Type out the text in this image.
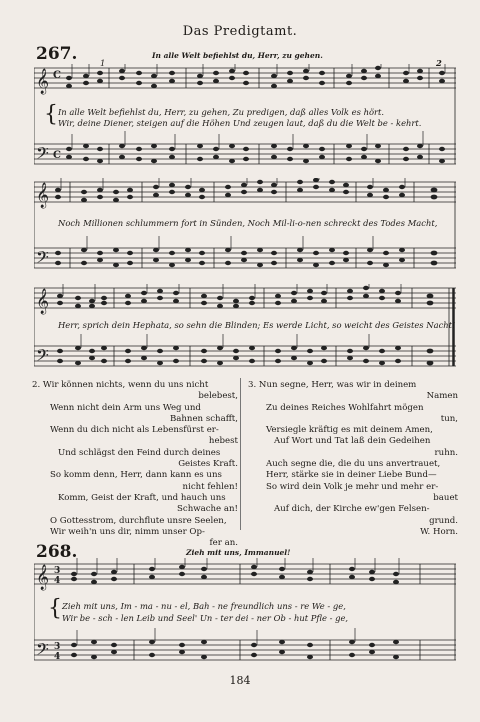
Das Predigtamt.
267.	In alle Welt befiehlst du, Herr, zu gehen.
𝄞
𝄢
C
C
1	2
{ In alle Welt befiehlst du, Herr, zu gehen, Zu predigen, daß alles Volk es hört.
Wir, deine Diener, steigen auf die Höhen Und zeugen laut, daß du die Welt be - kehrt.
𝄞
𝄢
Noch Millionen schlummern fort in Sünden, Noch Mil-li-o-nen schreckt des Todes Macht,
𝄞
𝄢
Herr, sprich dein Hephata, so sehn die Blinden; Es werde Licht, so weicht des Geistes Nacht!
2. Wir können nichts, wenn du uns nicht
belebest,
Wenn nicht dein Arm uns Weg und
Bahnen schafft,
Wenn du dich nicht als Lebensfürst er-
hebest
Und schlägst den Feind durch deines
Geistes Kraft.
So komm denn, Herr, dann kann es uns
nicht fehlen!
Komm, Geist der Kraft, und hauch uns
Schwache an!
O Gottesstrom, durchflute unsre Seelen,
Wir weih'n uns dir, nimm unser Op-
fer an.
3. Nun segne, Herr, was wir in deinem
Namen
Zu deines Reiches Wohlfahrt mögen
tun,
Versiegle kräftig es mit deinem Amen,
Auf Wort und Tat laß dein Gedeihen
ruhn.
Auch segne die, die du uns anvertrauet,
Herr, stärke sie in deiner Liebe Bund—
So wird dein Volk je mehr und mehr er-
bauet
Auf dich, der Kirche ew'gen Felsen-
grund.
W. Horn.
268.	Zieh mit uns, Immanuel!
𝄞
𝄢
3
4
3
4
{ Zieh mit uns, Im - ma - nu - el, Bah - ne freundlich uns - re We - ge,
Wir be - sch - len Leib und Seel' Un - ter dei - ner Ob - hut Pfle - ge,
184
